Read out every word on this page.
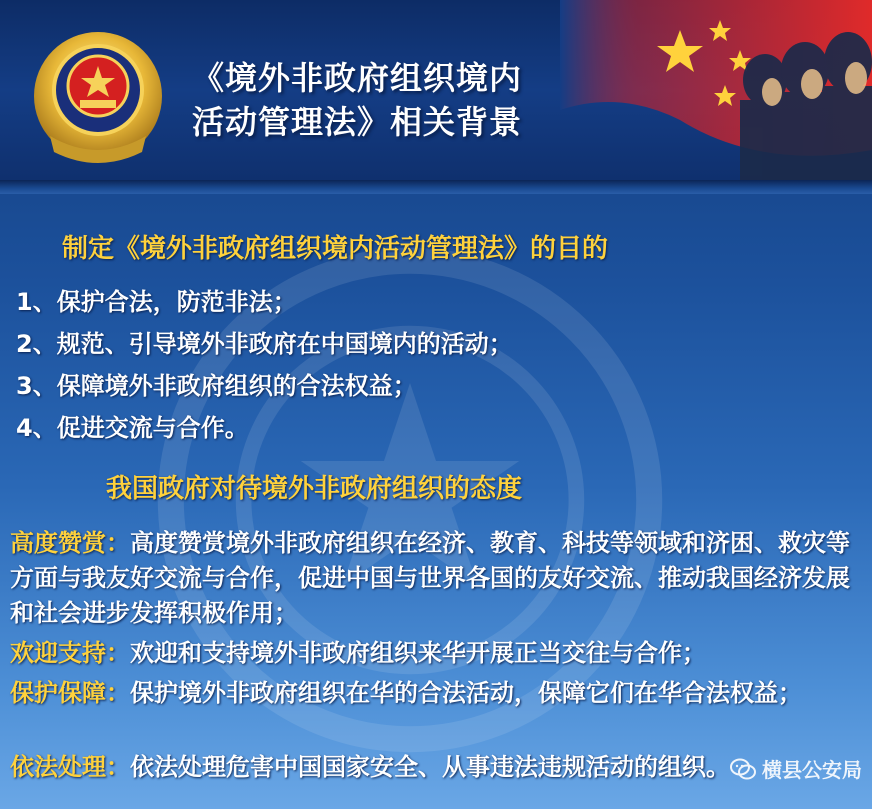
《境外非政府组织境内
活动管理法》相关背景
制定《境外非政府组织境内活动管理法》的目的
1、保护合法，防范非法；
2、规范、引导境外非政府在中国境内的活动；
3、保障境外非政府组织的合法权益；
4、促进交流与合作。
我国政府对待境外非政府组织的态度
高度赞赏：高度赞赏境外非政府组织在经济、教育、科技等领域和济困、救灾等方面与我友好交流与合作，促进中国与世界各国的友好交流、推动我国经济发展和社会进步发挥积极作用；
欢迎支持：欢迎和支持境外非政府组织来华开展正当交往与合作；
保护保障：保护境外非政府组织在华的合法活动，保障它们在华合法权益；
依法处理：依法处理危害中国国家安全、从事违法违规活动的组织。	横县公安局
